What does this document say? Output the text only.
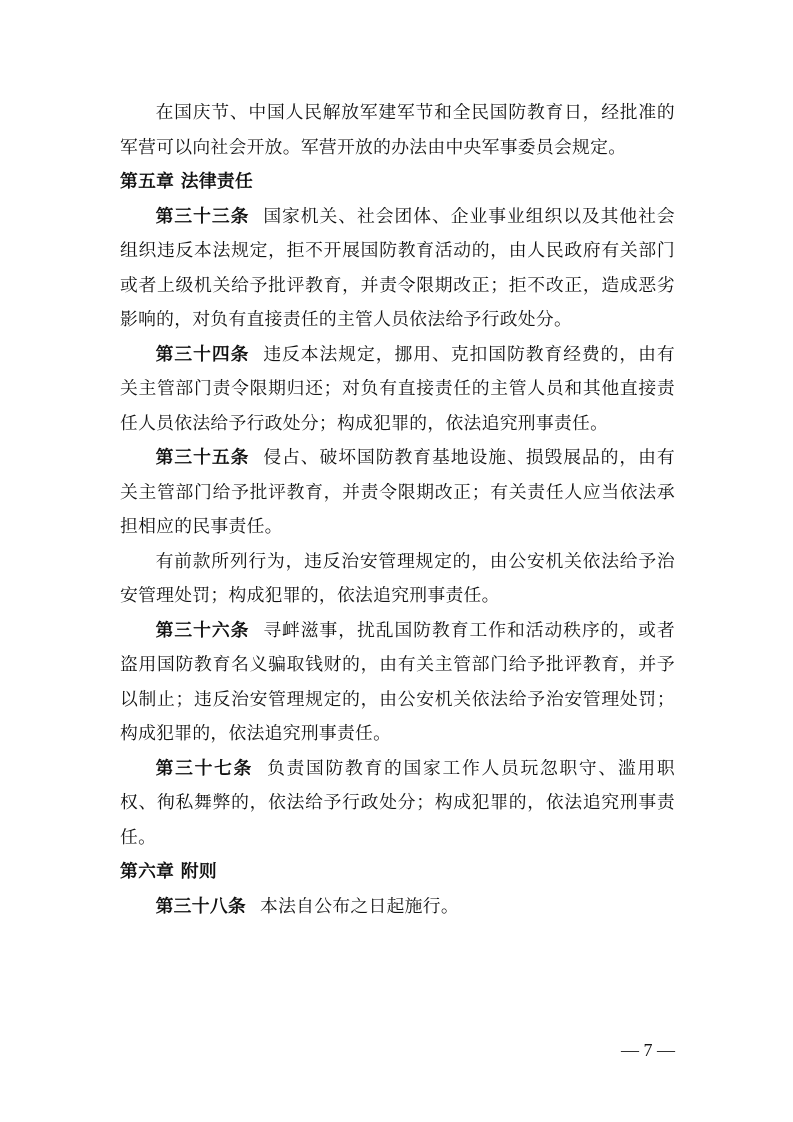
在国庆节、中国人民解放军建军节和全民国防教育日，经批准的军营可以向社会开放。军营开放的办法由中央军事委员会规定。

第五章 法律责任

第三十三条 国家机关、社会团体、企业事业组织以及其他社会组织违反本法规定，拒不开展国防教育活动的，由人民政府有关部门或者上级机关给予批评教育，并责令限期改正；拒不改正，造成恶劣影响的，对负有直接责任的主管人员依法给予行政处分。

第三十四条 违反本法规定，挪用、克扣国防教育经费的，由有关主管部门责令限期归还；对负有直接责任的主管人员和其他直接责任人员依法给予行政处分；构成犯罪的，依法追究刑事责任。

第三十五条 侵占、破坏国防教育基地设施、损毁展品的，由有关主管部门给予批评教育，并责令限期改正；有关责任人应当依法承担相应的民事责任。

有前款所列行为，违反治安管理规定的，由公安机关依法给予治安管理处罚；构成犯罪的，依法追究刑事责任。

第三十六条 寻衅滋事，扰乱国防教育工作和活动秩序的，或者盗用国防教育名义骗取钱财的，由有关主管部门给予批评教育，并予以制止；违反治安管理规定的，由公安机关依法给予治安管理处罚；构成犯罪的，依法追究刑事责任。

第三十七条 负责国防教育的国家工作人员玩忽职守、滥用职权、徇私舞弊的，依法给予行政处分；构成犯罪的，依法追究刑事责任。

第六章 附则

第三十八条 本法自公布之日起施行。

— 7 —
